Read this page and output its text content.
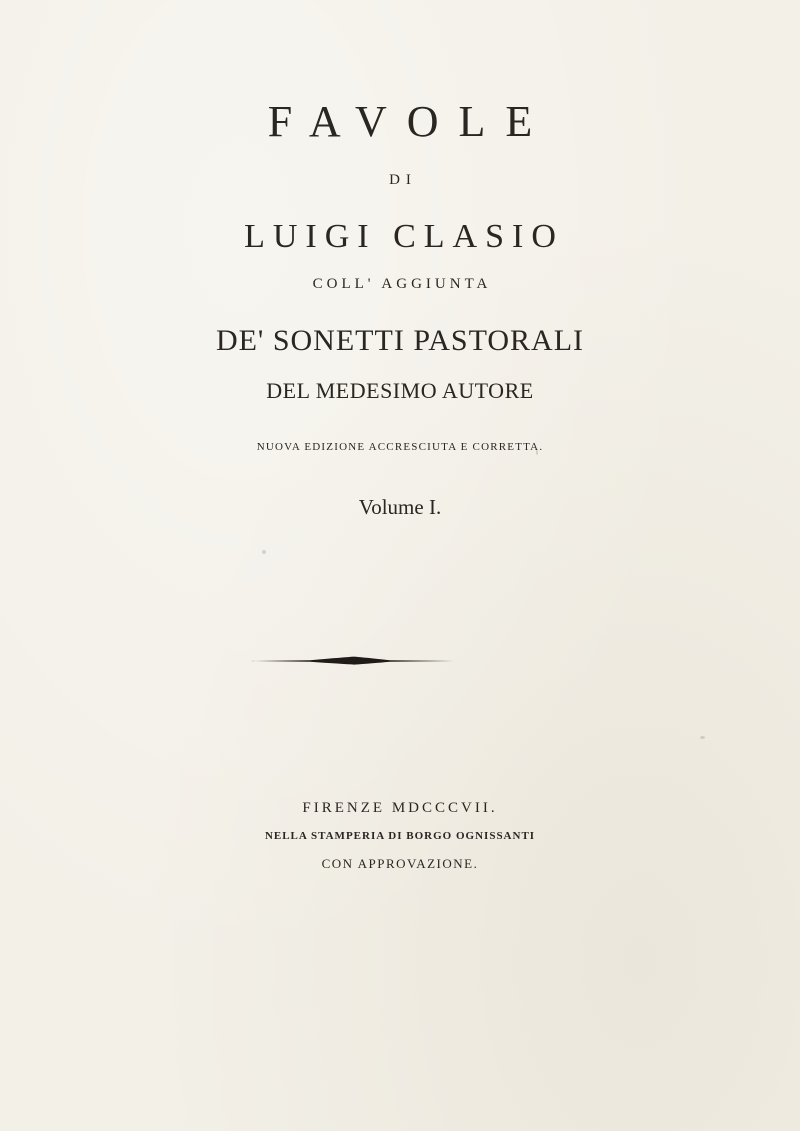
FAVOLE
DI
LUIGI CLASIO
COLL' AGGIUNTA
DE' SONETTI PASTORALI
DEL MEDESIMO AUTORE
NUOVA EDIZIONE ACCRESCIUTA E CORRETTA.
Volume I.
FIRENZE MDCCCVII.
NELLA STAMPERIA DI BORGO OGNISSANTI
CON APPROVAZIONE.
